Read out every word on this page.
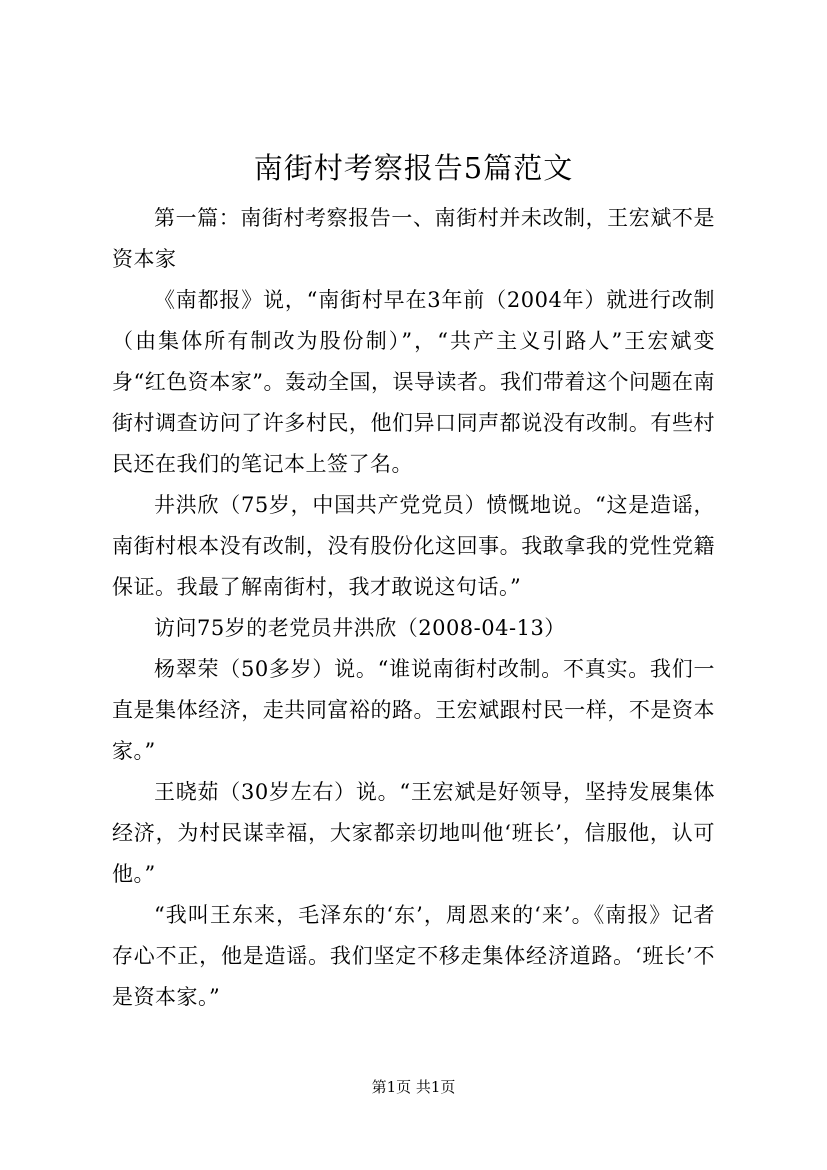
南街村考察报告5篇范文

第一篇：南街村考察报告一、南街村并未改制，王宏斌不是资本家

《南都报》说，“南街村早在3年前（2004年）就进行改制（由集体所有制改为股份制）”，“共产主义引路人”王宏斌变身“红色资本家”。轰动全国，误导读者。我们带着这个问题在南街村调查访问了许多村民，他们异口同声都说没有改制。有些村民还在我们的笔记本上签了名。

井洪欣（75岁，中国共产党党员）愤慨地说。“这是造谣，南街村根本没有改制，没有股份化这回事。我敢拿我的党性党籍保证。我最了解南街村，我才敢说这句话。”

访问75岁的老党员井洪欣（2008-04-13）

杨翠荣（50多岁）说。“谁说南街村改制。不真实。我们一直是集体经济，走共同富裕的路。王宏斌跟村民一样，不是资本家。”

王晓茹（30岁左右）说。“王宏斌是好领导，坚持发展集体经济，为村民谋幸福，大家都亲切地叫他‘班长’，信服他，认可他。”

“我叫王东来，毛泽东的‘东’，周恩来的‘来’。《南报》记者存心不正，他是造谣。我们坚定不移走集体经济道路。‘班长’不是资本家。”

第1页 共1页
